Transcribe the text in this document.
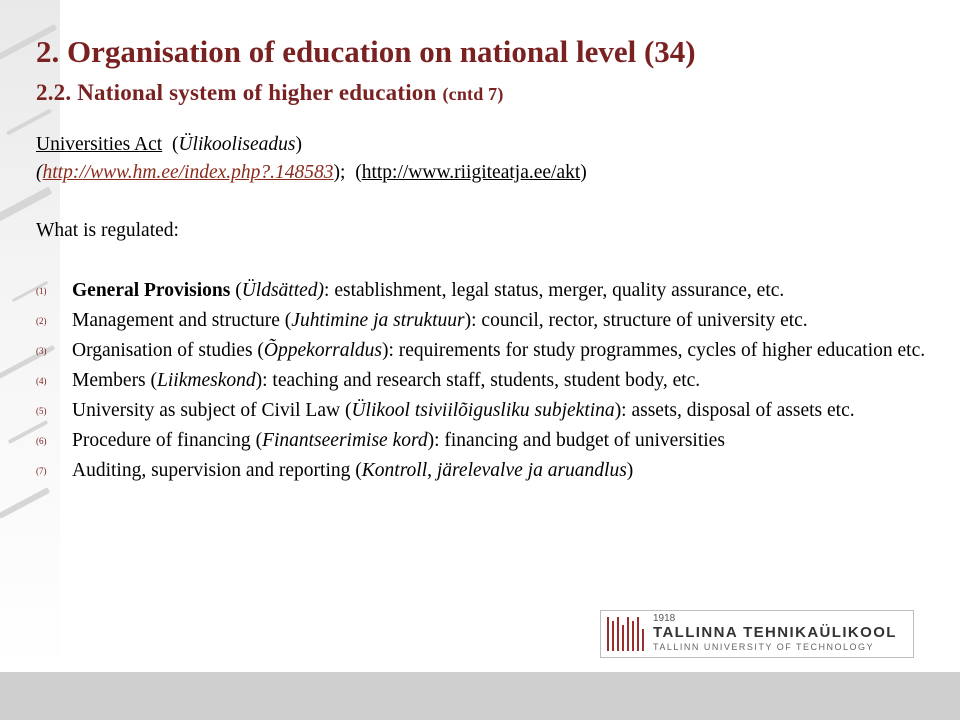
2. Organisation of education on national level (34)
2.2. National system of higher education (cntd 7)
Universities Act (Ülikooliseadus)
(http://www.hm.ee/index.php?.148583);  (http://www.riigiteatja.ee/akt)
What is regulated:
(1) General Provisions (Üldsätted): establishment, legal status, merger, quality assurance, etc.
(2) Management and structure (Juhtimine ja struktuur): council, rector, structure of university etc.
(3) Organisation of studies (Õppekorraldus): requirements for study programmes, cycles of higher education etc.
(4) Members (Liikmeskond): teaching and research staff, students, student body, etc.
(5) University as subject of Civil Law (Ülikool tsiviilõigusliku subjektina): assets, disposal of assets etc.
(6) Procedure of financing (Finantseerimise kord): financing and budget of universities
(7) Auditing, supervision and reporting (Kontroll, järelevalve ja aruandlus)
1918
TALLINNA TEHNIKAÜLIKOOL
TALLINN UNIVERSITY OF TECHNOLOGY
